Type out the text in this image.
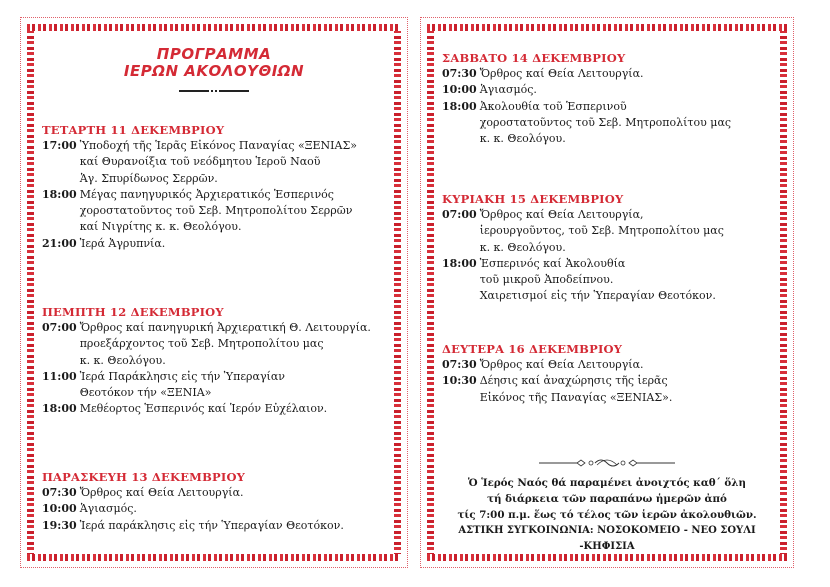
ΠΡΟΓΡΑΜΜΑ
ΙΕΡΩΝ ΑΚΟΛΟΥΘΙΩΝ
ΤΕΤΑΡΤΗ 11 ΔΕΚΕΜΒΡΙΟΥ
17:00 Ὑποδοχή τῆς Ἱερᾶς Εἰκόνος Παναγίας «ΞΕΝΙΑΣ»
καί Θυρανοίξια τοῦ νεόδμητου Ἱεροῦ Ναοῦ
Ἁγ. Σπυρίδωνος Σερρῶν.
18:00 Μέγας πανηγυρικός Ἀρχιερατικός Ἑσπερινός
χοροστατοῦντος τοῦ Σεβ. Μητροπολίτου Σερρῶν
καί Νιγρίτης κ. κ. Θεολόγου.
21:00 Ἱερά Ἀγρυπνία.
ΠΕΜΠΤΗ 12 ΔΕΚΕΜΒΡΙΟΥ
07:00 Ὄρθρος καί πανηγυρική Ἀρχιερατική Θ. Λειτουργία.
προεξάρχοντος τοῦ Σεβ. Μητροπολίτου μας
κ. κ. Θεολόγου.
11:00 Ἱερά Παράκλησις εἰς τήν Ὑπεραγίαν
Θεοτόκον τήν «ΞΕΝΙΑ»
18:00 Μεθέορτος Ἑσπερινός καί Ἱερόν Εὐχέλαιον.
ΠΑΡΑΣΚΕΥΗ 13 ΔΕΚΕΜΒΡΙΟΥ
07:30 Ὄρθρος καί Θεία Λειτουργία.
10:00 Ἁγιασμός.
19:30 Ἱερά παράκλησις εἰς τήν Ὑπεραγίαν Θεοτόκον.
ΣΑΒΒΑΤΟ 14 ΔΕΚΕΜΒΡΙΟΥ
07:30 Ὄρθρος καί Θεία Λειτουργία.
10:00 Ἁγιασμός.
18:00 Ἀκολουθία τοῦ Ἑσπερινοῦ
χοροστατοῦντος τοῦ Σεβ. Μητροπολίτου μας
κ. κ. Θεολόγου.
ΚΥΡΙΑΚΗ 15 ΔΕΚΕΜΒΡΙΟΥ
07:00 Ὄρθρος καί Θεία Λειτουργία,
ἱερουργοῦντος, τοῦ Σεβ. Μητροπολίτου μας
κ. κ. Θεολόγου.
18:00 Ἑσπερινός καί Ἀκολουθία
τοῦ μικροῦ Ἀποδείπνου.
Χαιρετισμοί εἰς τήν Ὑπεραγίαν Θεοτόκον.
ΔΕΥΤΕΡΑ 16 ΔΕΚΕΜΒΡΙΟΥ
07:30 Ὄρθρος καί Θεία Λειτουργία.
10:30 Δέησις καί ἀναχώρησις τῆς ἱερᾶς
Εἰκόνος τῆς Παναγίας «ΞΕΝΙΑΣ».
Ὁ Ἱερός Ναός θά παραμένει ἀνοιχτός καθ΄ ὅλη
τή διάρκεια τῶν παραπάνω ἡμερῶν ἀπό
τίς 7:00 π.μ. ἕως τό τέλος τῶν ἱερῶν ἀκολουθιῶν.
ΑΣΤΙΚΗ ΣΥΓΚΟΙΝΩΝΙΑ: ΝΟΣΟΚΟΜΕΙΟ - ΝΕΟ ΣΟΥΛΙ -ΚΗΦΙΣΙΑ
